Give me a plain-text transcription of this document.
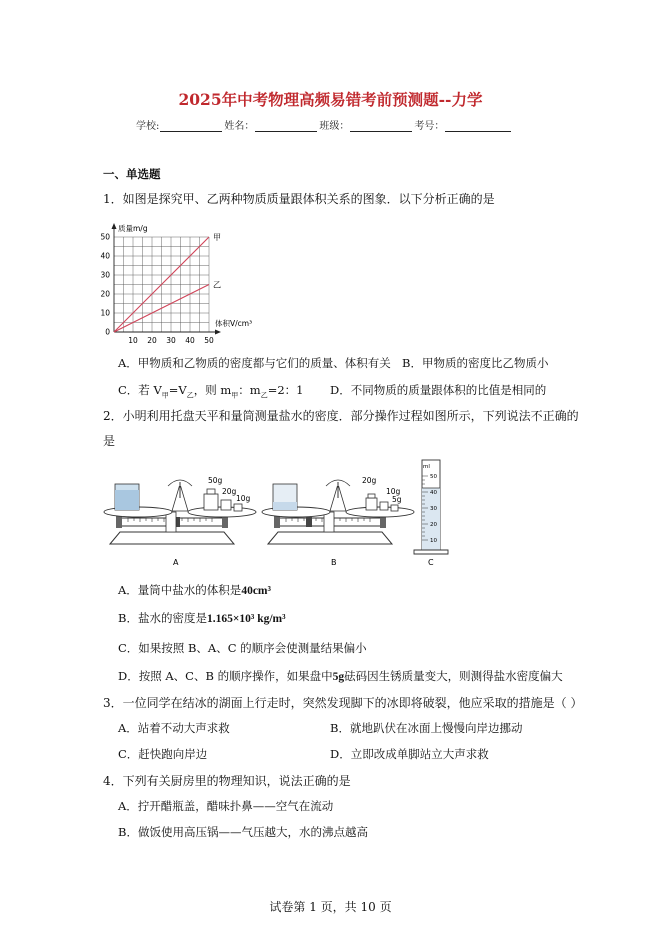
2025年中考物理高频易错考前预测题--力学
学校:	姓名：	班级：	考号：
一、单选题
1．如图是探究甲、乙两种物质质量跟体积关系的图象．以下分析正确的是
10 20 30 40 50
0
10
20
30
40
50
质量m/g
体积V/cm³
甲
乙
A．甲物质和乙物质的密度都与它们的质量、体积有关 B．甲物质的密度比乙物质小
C．若 $V_甲=V_乙$，则 $m_甲$：$m_乙=2$：1 D．不同物质的质量跟体积的比值是相同的
2．小明利用托盘天平和量筒测量盐水的密度．部分操作过程如图所示，下列说法不正确的
是
50g
20g
10g
A
20g
5g
10g
B
ml
50
40
30
20
10
C
A．量筒中盐水的体积是40cm³
B．盐水的密度是1.165×10³ kg/m³
C．如果按照 B、A、C 的顺序会使测量结果偏小
D．按照 A、C、B 的顺序操作，如果盘中5g砝码因生锈质量变大，则测得盐水密度偏大
3．一位同学在结冰的湖面上行走时，突然发现脚下的冰即将破裂，他应采取的措施是（ ）
A．站着不动大声求救	B．就地趴伏在冰面上慢慢向岸边挪动
C．赶快跑向岸边	D．立即改成单脚站立大声求救
4．下列有关厨房里的物理知识，说法正确的是
A．拧开醋瓶盖，醋味扑鼻——空气在流动
B．做饭使用高压锅——气压越大，水的沸点越高
试卷第 1 页，共 10 页
